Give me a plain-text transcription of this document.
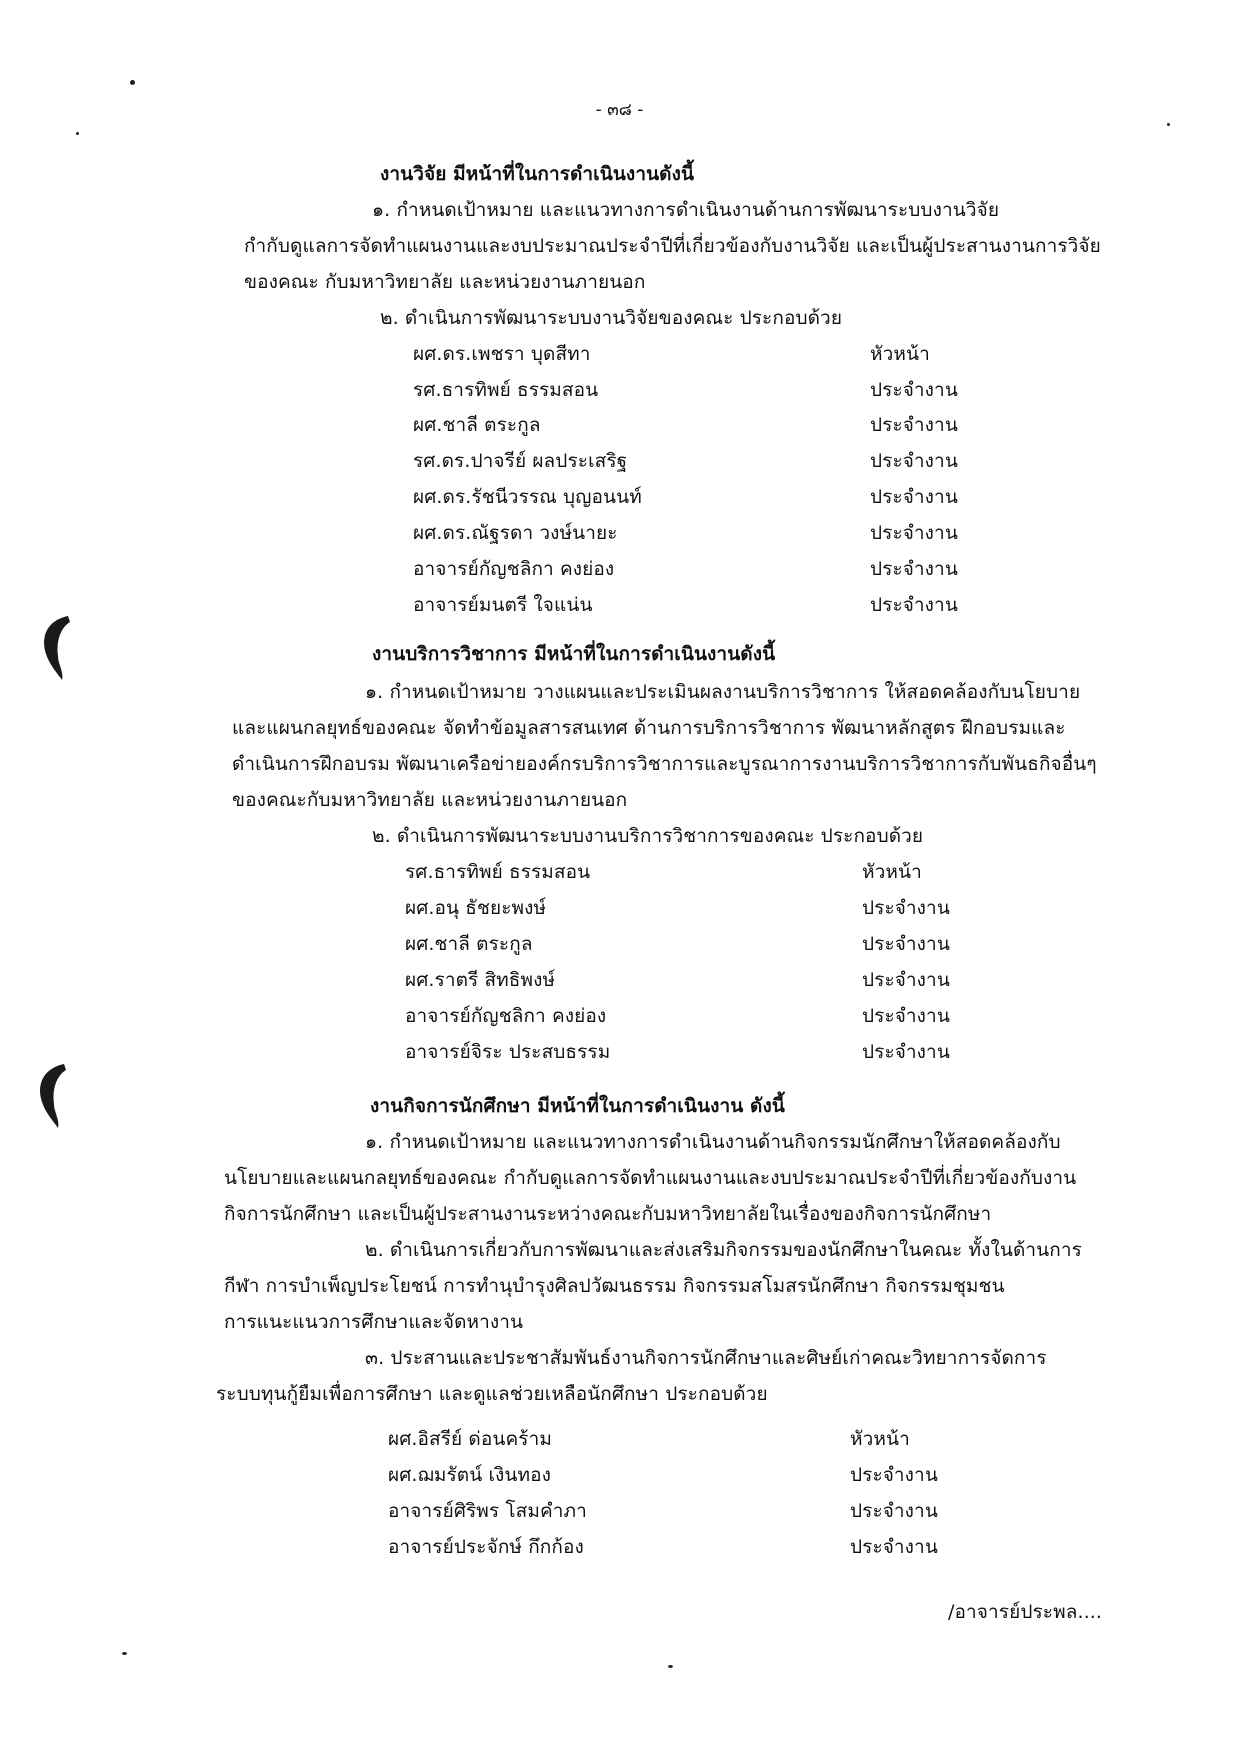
- ๓๘ -
งานวิจัย มีหน้าที่ในการดำเนินงานดังนี้
๑. กำหนดเป้าหมาย และแนวทางการดำเนินงานด้านการพัฒนาระบบงานวิจัย
กำกับดูแลการจัดทำแผนงานและงบประมาณประจำปีที่เกี่ยวข้องกับงานวิจัย และเป็นผู้ประสานงานการวิจัย
ของคณะ กับมหาวิทยาลัย และหน่วยงานภายนอก
๒. ดำเนินการพัฒนาระบบงานวิจัยของคณะ ประกอบด้วย
ผศ.ดร.เพชรา บุดสีทา	หัวหน้า
รศ.ธารทิพย์ ธรรมสอน	ประจำงาน
ผศ.ชาลี ตระกูล	ประจำงาน
รศ.ดร.ปาจรีย์ ผลประเสริฐ	ประจำงาน
ผศ.ดร.รัชนีวรรณ บุญอนนท์	ประจำงาน
ผศ.ดร.ณัฐรดา วงษ์นายะ	ประจำงาน
อาจารย์กัญชลิกา คงย่อง	ประจำงาน
อาจารย์มนตรี ใจแน่น	ประจำงาน
งานบริการวิชาการ มีหน้าที่ในการดำเนินงานดังนี้
๑. กำหนดเป้าหมาย วางแผนและประเมินผลงานบริการวิชาการ ให้สอดคล้องกับนโยบาย
และแผนกลยุทธ์ของคณะ จัดทำข้อมูลสารสนเทศ ด้านการบริการวิชาการ พัฒนาหลักสูตร ฝึกอบรมและ
ดำเนินการฝึกอบรม พัฒนาเครือข่ายองค์กรบริการวิชาการและบูรณาการงานบริการวิชาการกับพันธกิจอื่นๆ
ของคณะกับมหาวิทยาลัย และหน่วยงานภายนอก
๒. ดำเนินการพัฒนาระบบงานบริการวิชาการของคณะ ประกอบด้วย
รศ.ธารทิพย์ ธรรมสอน	หัวหน้า
ผศ.อนุ ธัชยะพงษ์	ประจำงาน
ผศ.ชาลี ตระกูล	ประจำงาน
ผศ.ราตรี สิทธิพงษ์	ประจำงาน
อาจารย์กัญชลิกา คงย่อง	ประจำงาน
อาจารย์จิระ ประสบธรรม	ประจำงาน
งานกิจการนักศึกษา มีหน้าที่ในการดำเนินงาน ดังนี้
๑. กำหนดเป้าหมาย และแนวทางการดำเนินงานด้านกิจกรรมนักศึกษาให้สอดคล้องกับ
นโยบายและแผนกลยุทธ์ของคณะ กำกับดูแลการจัดทำแผนงานและงบประมาณประจำปีที่เกี่ยวข้องกับงาน
กิจการนักศึกษา และเป็นผู้ประสานงานระหว่างคณะกับมหาวิทยาลัยในเรื่องของกิจการนักศึกษา
๒. ดำเนินการเกี่ยวกับการพัฒนาและส่งเสริมกิจกรรมของนักศึกษาในคณะ ทั้งในด้านการ
กีฬา การบำเพ็ญประโยชน์ การทำนุบำรุงศิลปวัฒนธรรม กิจกรรมสโมสรนักศึกษา กิจกรรมชุมชน
การแนะแนวการศึกษาและจัดหางาน
๓. ประสานและประชาสัมพันธ์งานกิจการนักศึกษาและศิษย์เก่าคณะวิทยาการจัดการ
ระบบทุนกู้ยืมเพื่อการศึกษา และดูแลช่วยเหลือนักศึกษา ประกอบด้วย
ผศ.อิสรีย์ ด่อนคร้าม	หัวหน้า
ผศ.ฌมรัตน์ เงินทอง	ประจำงาน
อาจารย์ศิริพร โสมคำภา	ประจำงาน
อาจารย์ประจักษ์ กึกก้อง	ประจำงาน
/อาจารย์ประพล....
